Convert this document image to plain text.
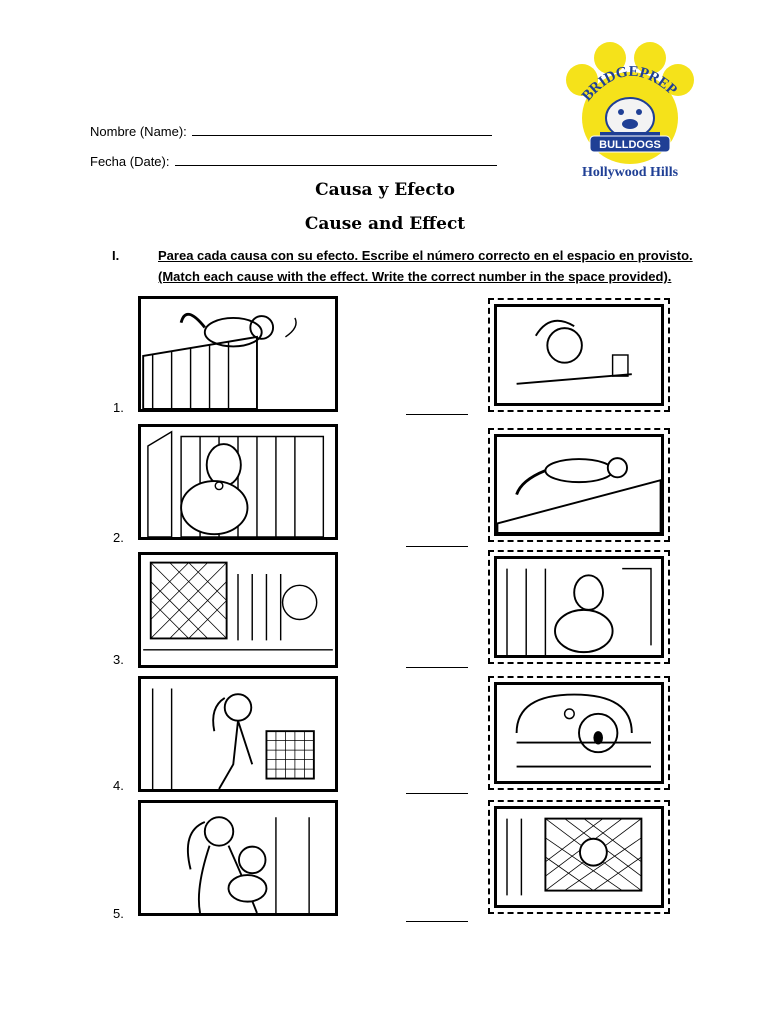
Nombre (Name):
Fecha (Date):
BRIDGEPREP
BULLDOGS
Hollywood Hills
Causa y Efecto
Cause and Effect
I.	Parea cada causa con su efecto. Escribe el número correcto en el espacio en provisto.
(Match each cause with the effect. Write the correct number in the space provided).
1.
2.
3.
4.
5.
